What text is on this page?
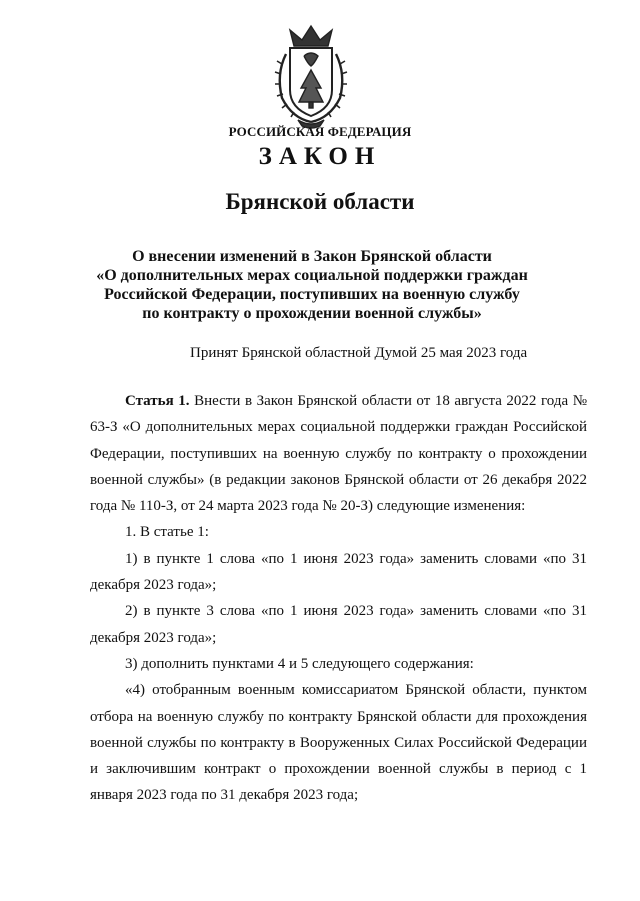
РОССИЙСКАЯ ФЕДЕРАЦИЯ
ЗАКОН
Брянской области
О внесении изменений в Закон Брянской области
«О дополнительных мерах социальной поддержки граждан
Российской Федерации, поступивших на военную службу
по контракту о прохождении военной службы»
Принят Брянской областной Думой 25 мая 2023 года

Статья 1. Внести в Закон Брянской области от 18 августа 2022 года № 63-З «О дополнительных мерах социальной поддержки граждан Российской Федерации, поступивших на военную службу по контракту о прохождении военной службы» (в редакции законов Брянской области от 26 декабря 2022 года № 110-З, от 24 марта 2023 года № 20-З) следующие изменения:

1. В статье 1:

1) в пункте 1 слова «по 1 июня 2023 года» заменить словами «по 31 декабря 2023 года»;

2) в пункте 3 слова «по 1 июня 2023 года» заменить словами «по 31 декабря 2023 года»;

3) дополнить пунктами 4 и 5 следующего содержания:

«4) отобранным военным комиссариатом Брянской области, пунктом отбора на военную службу по контракту Брянской области для прохождения военной службы по контракту в Вооруженных Силах Российской Федерации и заключившим контракт о прохождении военной службы в период с 1 января 2023 года по 31 декабря 2023 года;
